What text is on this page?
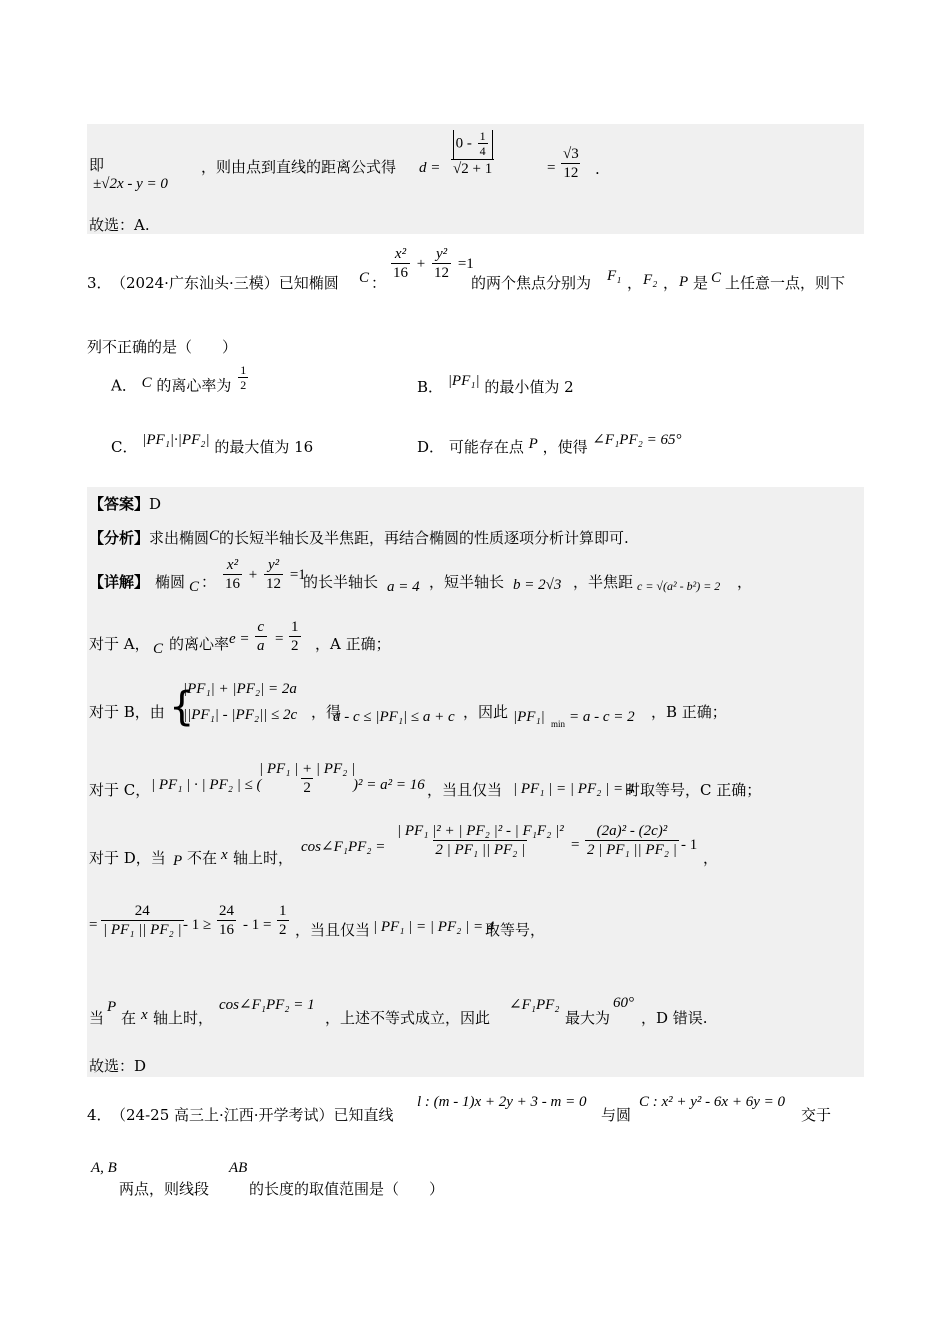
即
±√2x - y = 0
，则由点到直线的距离公式得 $d = \frac{0 - \frac{1}{4}}{√2 + 1}$	= $\frac{√3}{12}$ .
故选：A.
3． （2024·广东汕头·三模）已知椭圆 C ：
$\frac{\text{x²}}{16} + \frac{\text{y²}}{12} =1$
的两个焦点分别为 F₁ ， F₂ ， P 是 C 上任意一点，则下
列不正确的是（　　）
A． C 的离心率为 $\frac{1}{2}$	B． |PF₁| 的最小值为 2
C． |PF₁|·|PF₂| 的最大值为 16	D． 可能存在点 P ，使得 ∠F₁PF₂ = 65°
【答案】D
【分析】求出椭圆C的长短半轴长及半焦距，再结合椭圆的性质逐项分析计算即可.
【详解】 椭圆 C ： $\frac{\text{x²}}{16} + \frac{\text{y²}}{12} =1$
的长半轴长 a = 4 ，短半轴长 b = 2√3 ，半焦距 c = √(a² - b²) = 2 ，
对于 A， C 的离心率 $e = \frac{c}{a} = \frac{1}{2}$ ，A 正确；
对于 B，由 {
|PF₁| + |PF₂| = 2a
||PF₁| - |PF₂|| ≤ 2c ，得
a - c ≤ |PF₁| ≤ a + c ，因此 |PF₁| min = a - c = 2 ，B 正确；
对于 C， | PF₁ | · | PF₂ | ≤ (
$\frac{\text{| PF₁ | + | PF₂ |}}{2}$
)² = a² = 16 ，当且仅当 | PF₁ | = | PF₂ | = 4
时取等号，C 正确；
对于 D，当 P 不在 x 轴上时，
cos∠F₁PF₂ = $\frac{\text{| PF₁ |² + | PF₂ |² - | F₁F₂ |²}}{\text{2 | PF₁ || PF₂ |}} = \frac{\text{(2a)² - (2c)²}}{\text{2 | PF₁ || PF₂ |}} - 1$
，
= $\frac{24}{\text{| PF₁ || PF₂ |}} - 1 \ge \frac{24}{16} - 1 = \frac{1}{2}$ ，当且仅当 | PF₁ | = | PF₂ | = 4
取等号，
当
P
在 x 轴上时，
cos∠F₁PF₂ = 1
，上述不等式成立，因此
∠F₁PF₂
最大为
60°
，D 错误.
故选：D
4． （24-25 高三上·江西·开学考试）已知直线
l : (m - 1)x + 2y + 3 - m = 0
与圆
C : x² + y² - 6x + 6y = 0
交于
A, B
两点，则线段
AB
的长度的取值范围是（　　）
